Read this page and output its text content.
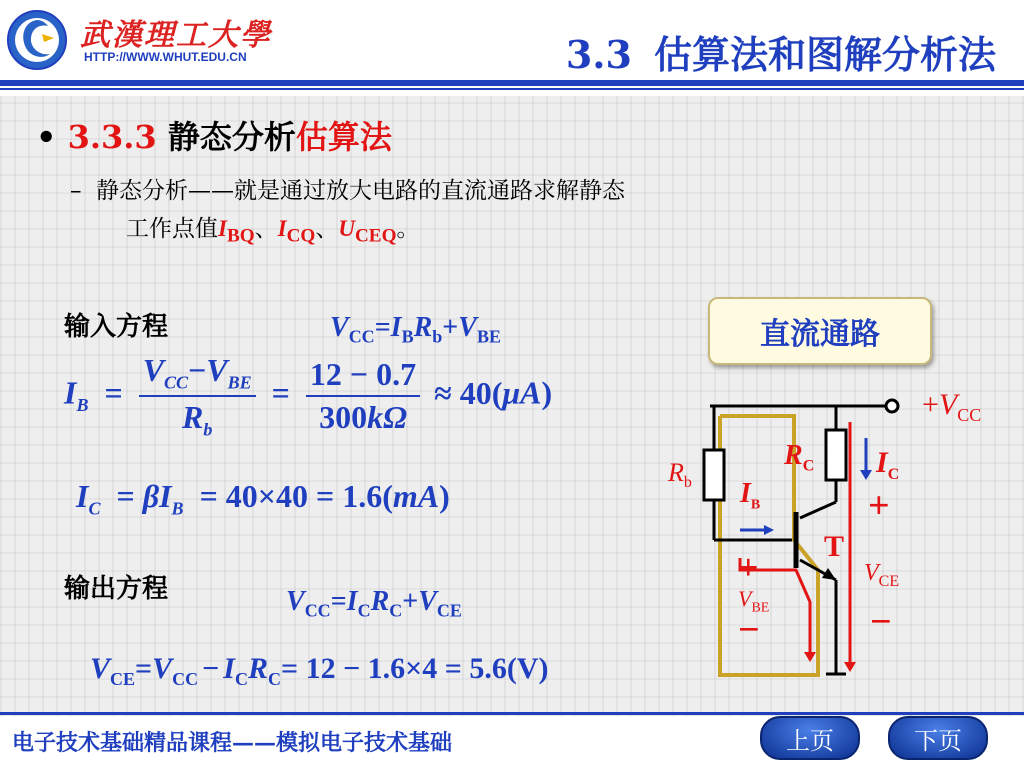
武漢理工大學
HTTP://WWW.WHUT.EDU.CN	3.3 估算法和图解分析法
• 3.3.3 静态分析估算法
– 静态分析——就是通过放大电路的直流通路求解静态
工作点值$I_{BQ}$、$I_{CQ}$、$U_{CEQ}$。
输入方程	$V_{CC}=I_BR_b+V_{BE}$
$I_B = \frac{V_{CC}-V_{BE}}{R_b} = \frac{12 - 0.7}{300k\Omega} \approx 40(\mu A)$
$I_C = \beta I_B = 40\times 40 = 1.6(mA)$
输出方程	$V_{CC}=I_CR_C+V_{CE}$
$V_{CE}=V_{CC} - I_CR_C= 12 - 1.6\times 4 = 5.6(V)$
直流通路
$+V_{CC}$
$R_b$
$R_C$ $I_C$
$I_B$
T
+
$V_{CE}$
−
+
$V_{BE}$
−
电子技术基础精品课程——模拟电子技术基础	上页	下页
